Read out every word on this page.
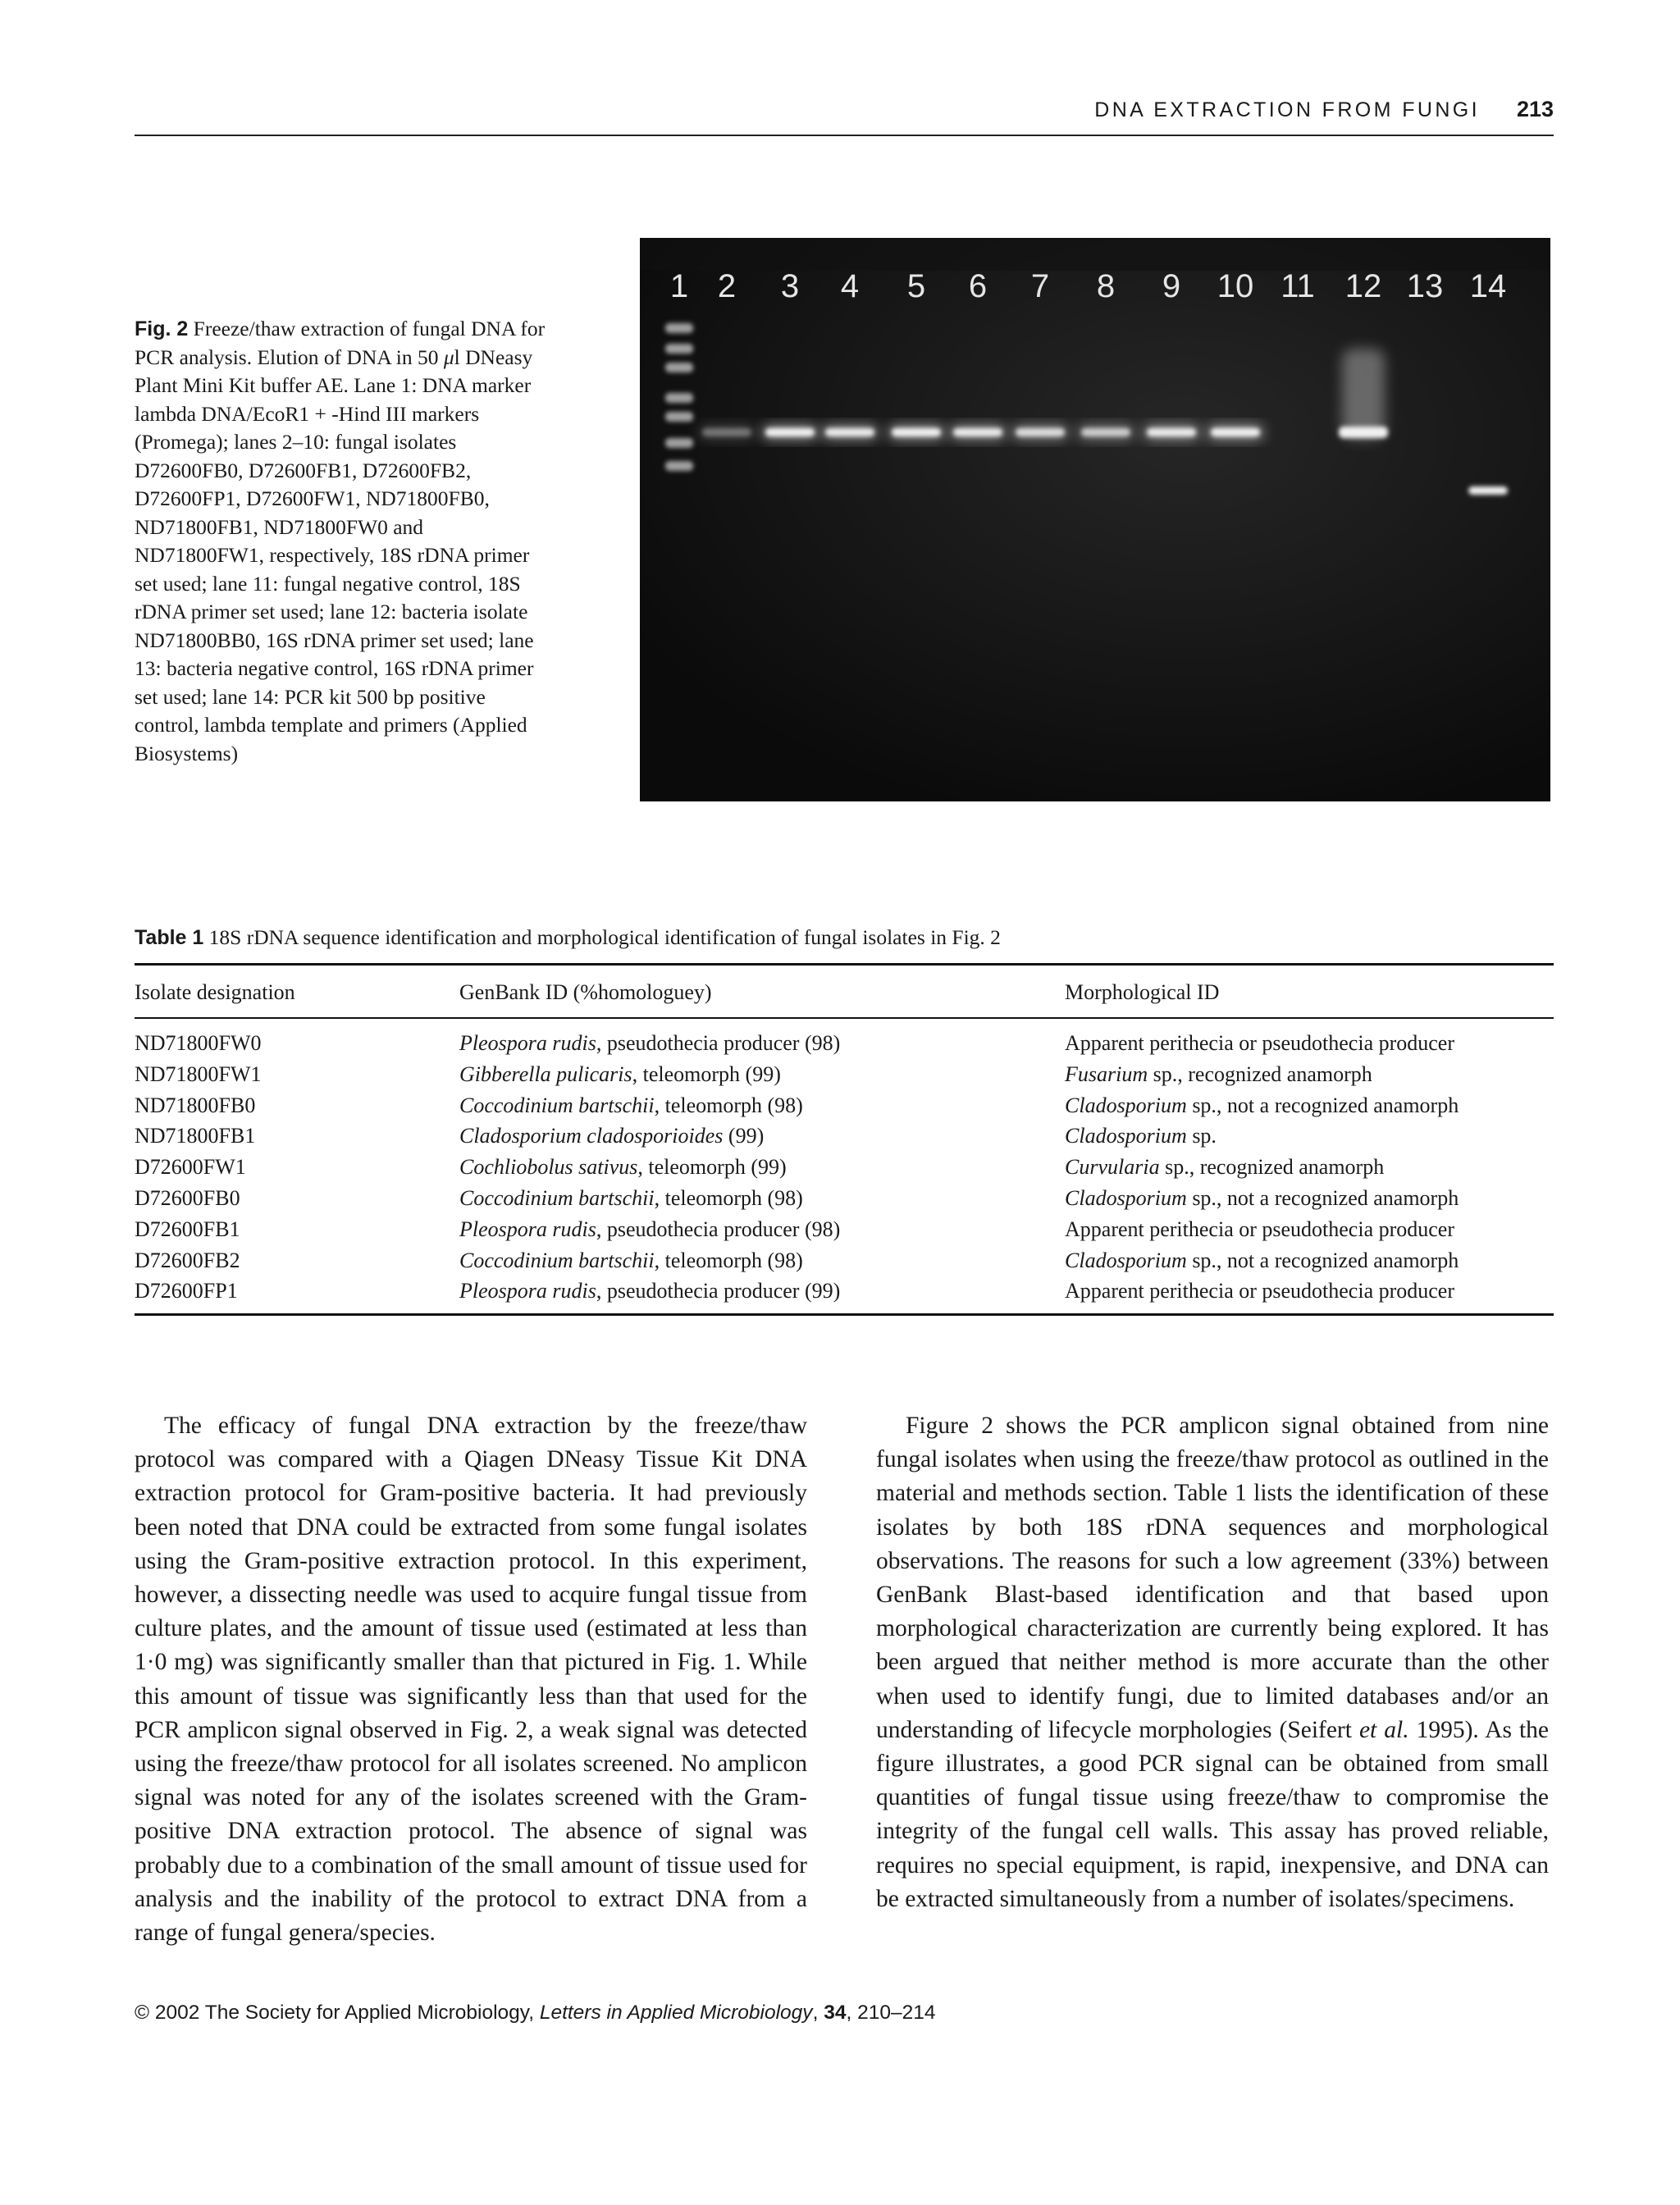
DNA EXTRACTION FROM FUNGI 213
Fig. 2 Freeze/thaw extraction of fungal DNA for PCR analysis. Elution of DNA in 50 μl DNeasy Plant Mini Kit buffer AE. Lane 1: DNA marker lambda DNA/EcoR1 + -Hind III markers (Promega); lanes 2–10: fungal isolates D72600FB0, D72600FB1, D72600FB2, D72600FP1, D72600FW1, ND71800FB0, ND71800FB1, ND71800FW0 and ND71800FW1, respectively, 18S rDNA primer set used; lane 11: fungal negative control, 18S rDNA primer set used; lane 12: bacteria isolate ND71800BB0, 16S rDNA primer set used; lane 13: bacteria negative control, 16S rDNA primer set used; lane 14: PCR kit 500 bp positive control, lambda template and primers (Applied Biosystems)
1 2 3 4 5 6 7 8 9 10 11 12 13 14
Table 1 18S rDNA sequence identification and morphological identification of fungal isolates in Fig. 2
Isolate designation	GenBank ID (%homologuey)	Morphological ID
ND71800FW0	Pleospora rudis, pseudothecia producer (98)	Apparent perithecia or pseudothecia producer
ND71800FW1	Gibberella pulicaris, teleomorph (99)	Fusarium sp., recognized anamorph
ND71800FB0	Coccodinium bartschii, teleomorph (98)	Cladosporium sp., not a recognized anamorph
ND71800FB1	Cladosporium cladosporioides (99)	Cladosporium sp.
D72600FW1	Cochliobolus sativus, teleomorph (99)	Curvularia sp., recognized anamorph
D72600FB0	Coccodinium bartschii, teleomorph (98)	Cladosporium sp., not a recognized anamorph
D72600FB1	Pleospora rudis, pseudothecia producer (98)	Apparent perithecia or pseudothecia producer
D72600FB2	Coccodinium bartschii, teleomorph (98)	Cladosporium sp., not a recognized anamorph
D72600FP1	Pleospora rudis, pseudothecia producer (99)	Apparent perithecia or pseudothecia producer

The efficacy of fungal DNA extraction by the freeze/thaw protocol was compared with a Qiagen DNeasy Tissue Kit DNA extraction protocol for Gram-positive bacteria. It had previously been noted that DNA could be extracted from some fungal isolates using the Gram-positive extraction protocol. In this experiment, however, a dissecting needle was used to acquire fungal tissue from culture plates, and the amount of tissue used (estimated at less than 1·0 mg) was significantly smaller than that pictured in Fig. 1. While this amount of tissue was significantly less than that used for the PCR amplicon signal observed in Fig. 2, a weak signal was detected using the freeze/thaw protocol for all isolates screened. No amplicon signal was noted for any of the isolates screened with the Gram-positive DNA extraction protocol. The absence of signal was probably due to a combination of the small amount of tissue used for analysis and the inability of the protocol to extract DNA from a range of fungal genera/species.

Figure 2 shows the PCR amplicon signal obtained from nine fungal isolates when using the freeze/thaw protocol as outlined in the material and methods section. Table 1 lists the identification of these isolates by both 18S rDNA sequences and morphological observations. The reasons for such a low agreement (33%) between GenBank Blast-based identification and that based upon morphological characterization are currently being explored. It has been argued that neither method is more accurate than the other when used to identify fungi, due to limited databases and/or an understanding of lifecycle morphologies (Seifert et al. 1995). As the figure illustrates, a good PCR signal can be obtained from small quantities of fungal tissue using freeze/thaw to compromise the integrity of the fungal cell walls. This assay has proved reliable, requires no special equipment, is rapid, inexpensive, and DNA can be extracted simultaneously from a number of isolates/specimens.

© 2002 The Society for Applied Microbiology, Letters in Applied Microbiology, 34, 210–214
